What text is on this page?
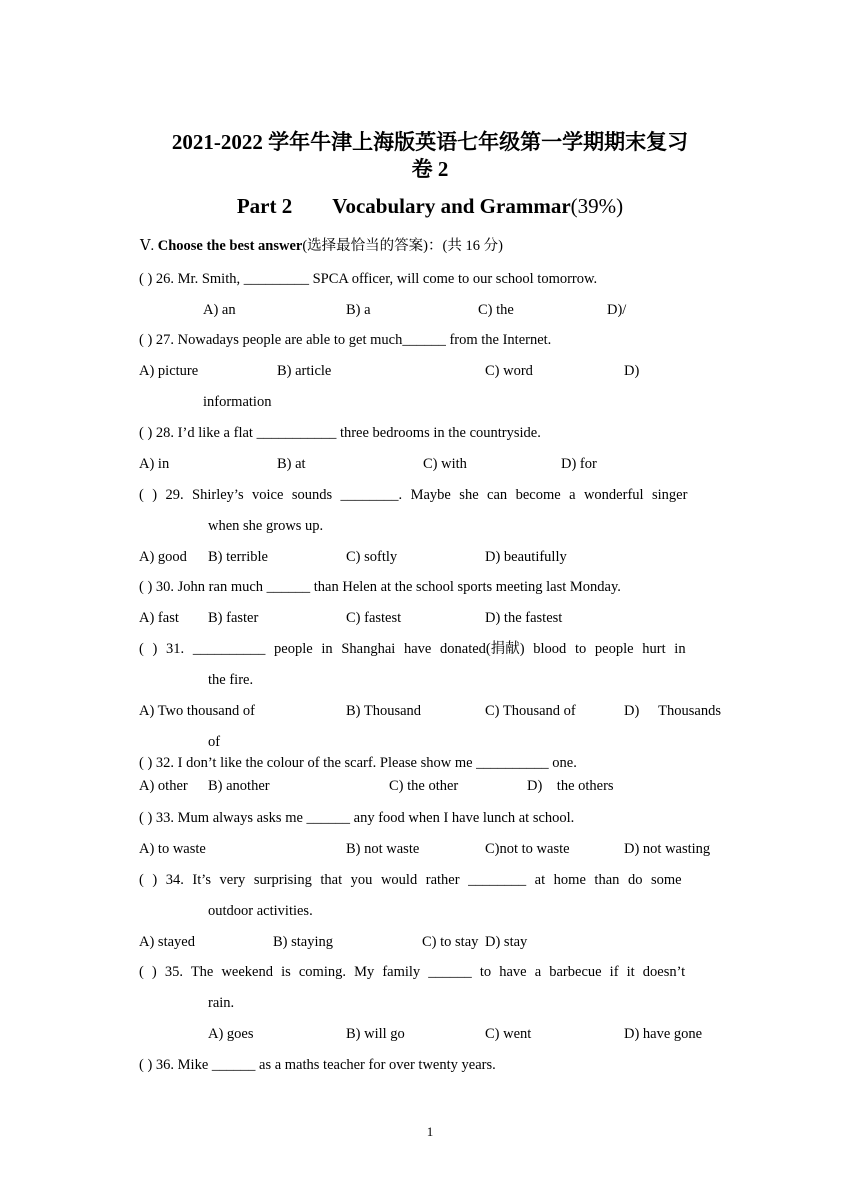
2021-2022 学年牛津上海版英语七年级第一学期期末复习
卷 2
Part 2 Vocabulary and Grammar(39%)
Ⅴ. Choose the best answer(选择最恰当的答案)：(共 16 分)
( ) 26. Mr. Smith, _________ SPCA officer, will come to our school tomorrow.
A) an	B) a	C) the	D)/
( ) 27. Nowadays people are able to get much______ from the Internet.
A) picture	B) article	C) word	D)
information
( ) 28. I’d like a flat ___________ three bedrooms in the countryside.
A) in	B) at	C) with	D) for
( ) 29. Shirley’s voice sounds ________. Maybe she can become a wonderful singer
when she grows up.
A) good B) terrible	C) softly	D) beautifully
( ) 30. John ran much ______ than Helen at the school sports meeting last Monday.
A) fast B) faster	C) fastest	D) the fastest
( ) 31. __________ people in Shanghai have donated(捐献) blood to people hurt in
the fire.
A) Two thousand of	B) Thousand	C) Thousand of	D)   Thousands
of
( ) 32. I don’t like the colour of the scarf. Please show me __________ one.
A) other B) another	C) the other	D)    the others
( ) 33. Mum always asks me ______ any food when I have lunch at school.
A) to waste	B) not waste	C)not to waste	D) not wasting
( ) 34. It’s very surprising that you would rather ________ at home than do some
outdoor activities.
A) stayed	B) staying	C) to stay D) stay
( ) 35. The weekend is coming. My family ______ to have a barbecue if it doesn’t
rain.
A) goes	B) will go	C) went	D) have gone
( ) 36. Mike ______ as a maths teacher for over twenty years.
1
